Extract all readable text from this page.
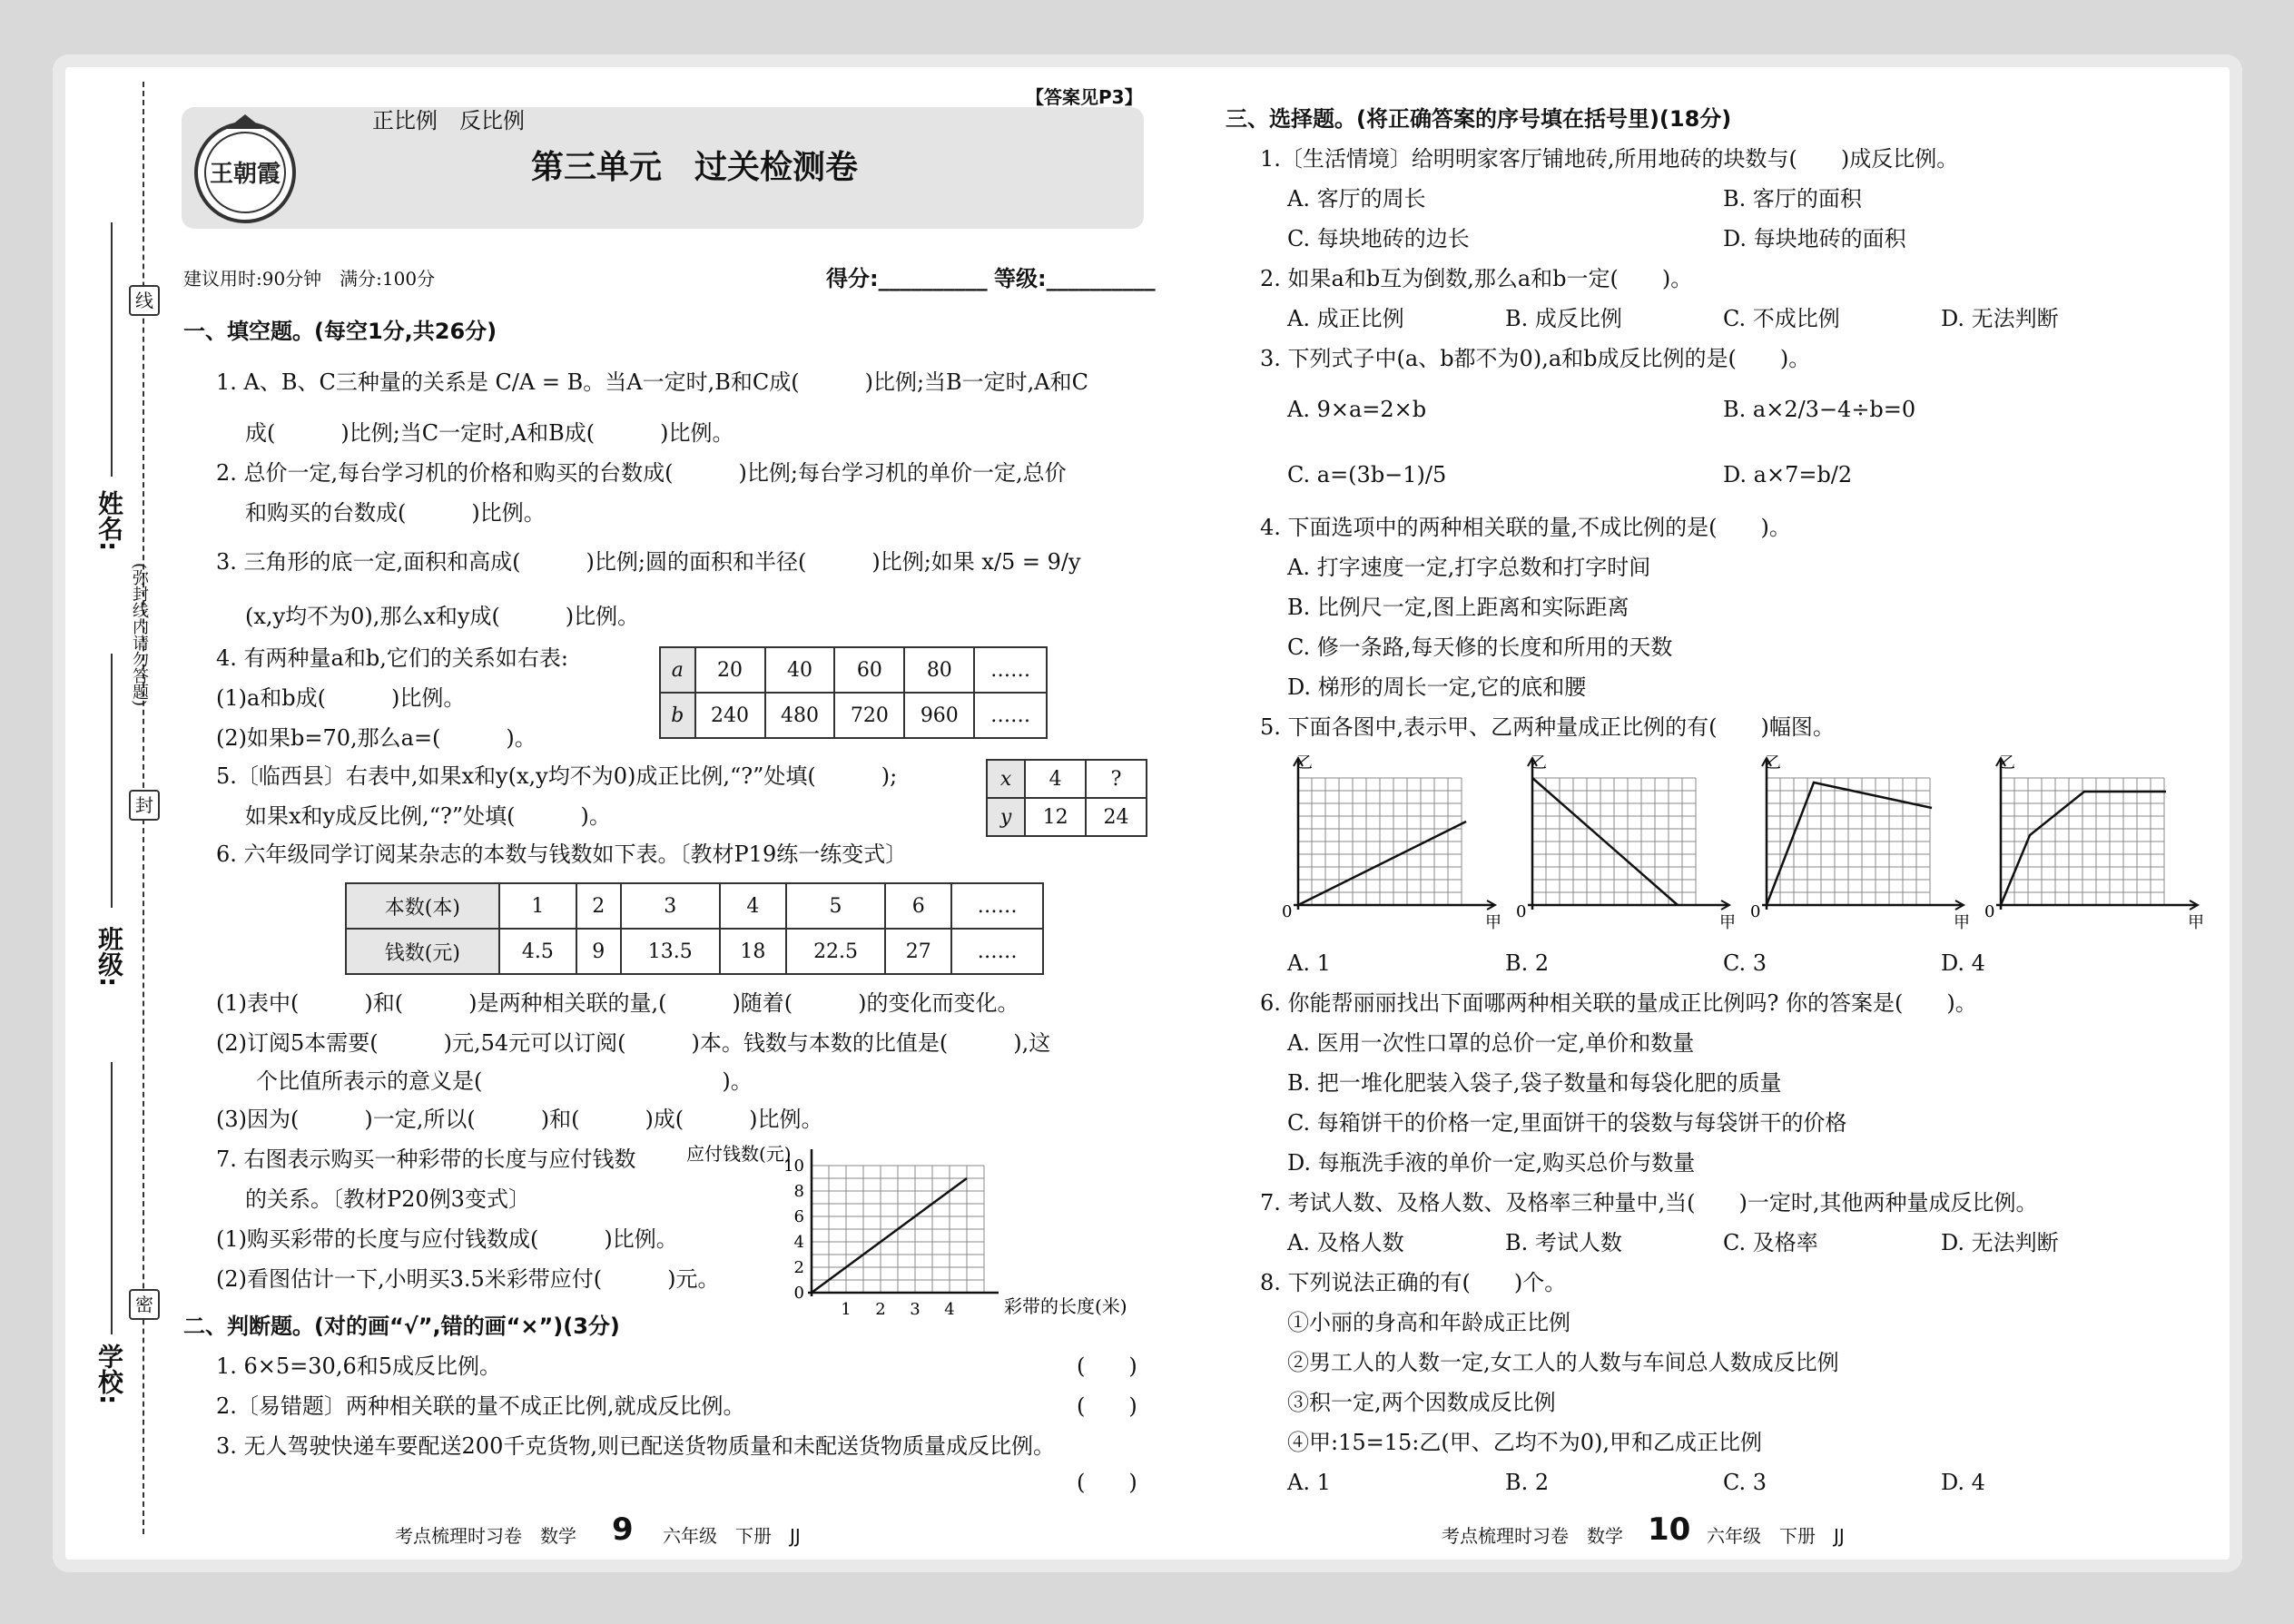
线
封
密
姓名:
班级:
学校:
(弥封线内请勿答题)
王朝霞
正比例　反比例
【答案见P3】
第三单元　过关检测卷
建议用时:90分钟　满分:100分	得分:__________ 等级:__________
一、填空题。(每空1分,共26分)
1. A、B、C三种量的关系是 C/A = B。当A一定时,B和C成(　　　)比例;当B一定时,A和C
成(　　　)比例;当C一定时,A和B成(　　　)比例。
2. 总价一定,每台学习机的价格和购买的台数成(　　　)比例;每台学习机的单价一定,总价
和购买的台数成(　　　)比例。
3. 三角形的底一定,面积和高成(　　　)比例;圆的面积和半径(　　　)比例;如果 x/5 = 9/y
(x,y均不为0),那么x和y成(　　　)比例。
4. 有两种量a和b,它们的关系如右表:
(1)a和b成(　　　)比例。
(2)如果b=70,那么a=(　　　)。
a	20	40	60	80	……
b	240	480	720	960	……
5.〔临西县〕右表中,如果x和y(x,y均不为0)成正比例,“?”处填(　　　);
如果x和y成反比例,“?”处填(　　　)。
x	4	?
y	12	24
6. 六年级同学订阅某杂志的本数与钱数如下表。〔教材P19练一练变式〕
本数(本)	1	2	3	4	5	6	……
钱数(元)	4.5	9	13.5	18	22.5	27	……
(1)表中(　　　)和(　　　)是两种相关联的量,(　　　)随着(　　　)的变化而变化。
(2)订阅5本需要(　　　)元,54元可以订阅(　　　)本。钱数与本数的比值是(　　　),这
个比值所表示的意义是(　　　　　　　　　　　)。
(3)因为(　　　)一定,所以(　　　)和(　　　)成(　　　)比例。
7. 右图表示购买一种彩带的长度与应付钱数
的关系。〔教材P20例3变式〕
(1)购买彩带的长度与应付钱数成(　　　)比例。
(2)看图估计一下,小明买3.5米彩带应付(　　　)元。
应付钱数(元)
彩带的长度(米)
0
2
4
6
8
10
1 2 3 4
二、判断题。(对的画“√”,错的画“×”)(3分)
1. 6×5=30,6和5成反比例。	(　　)
2.〔易错题〕两种相关联的量不成正比例,就成反比例。	(　　)
3. 无人驾驶快递车要配送200千克货物,则已配送货物质量和未配送货物质量成反比例。
(　　)
考点梳理时习卷　数学 9 六年级　下册　JJ
三、选择题。(将正确答案的序号填在括号里)(18分)
1.〔生活情境〕给明明家客厅铺地砖,所用地砖的块数与(　　)成反比例。
A. 客厅的周长	B. 客厅的面积
C. 每块地砖的边长	D. 每块地砖的面积
2. 如果a和b互为倒数,那么a和b一定(　　)。
A. 成正比例	B. 成反比例	C. 不成比例	D. 无法判断
3. 下列式子中(a、b都不为0),a和b成反比例的是(　　)。
A. 9×a=2×b	B. a×2/3−4÷b=0
C. a=(3b−1)/5	D. a×7=b/2
4. 下面选项中的两种相关联的量,不成比例的是(　　)。
A. 打字速度一定,打字总数和打字时间
B. 比例尺一定,图上距离和实际距离
C. 修一条路,每天修的长度和所用的天数
D. 梯形的周长一定,它的底和腰
5. 下面各图中,表示甲、乙两种量成正比例的有(　　)幅图。
乙
甲
0
乙
甲
0
乙
甲
0
乙
甲
0
A. 1	B. 2	C. 3	D. 4
6. 你能帮丽丽找出下面哪两种相关联的量成正比例吗? 你的答案是(　　)。
A. 医用一次性口罩的总价一定,单价和数量
B. 把一堆化肥装入袋子,袋子数量和每袋化肥的质量
C. 每箱饼干的价格一定,里面饼干的袋数与每袋饼干的价格
D. 每瓶洗手液的单价一定,购买总价与数量
7. 考试人数、及格人数、及格率三种量中,当(　　)一定时,其他两种量成反比例。
A. 及格人数	B. 考试人数	C. 及格率	D. 无法判断
8. 下列说法正确的有(　　)个。
①小丽的身高和年龄成正比例
②男工人的人数一定,女工人的人数与车间总人数成反比例
③积一定,两个因数成反比例
④甲:15=15:乙(甲、乙均不为0),甲和乙成正比例
A. 1	B. 2	C. 3	D. 4
考点梳理时习卷　数学 10 六年级　下册　JJ
